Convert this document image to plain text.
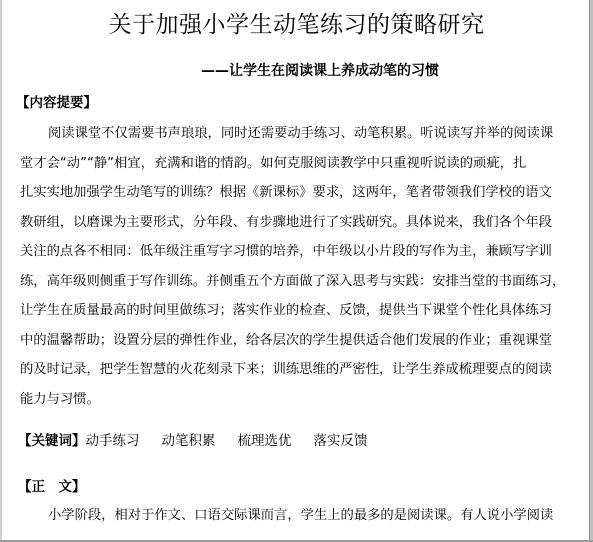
关于加强小学生动笔练习的策略研究
——让学生在阅读课上养成动笔的习惯
【内容提要】
阅读课堂不仅需要书声琅琅，同时还需要动手练习、动笔积累。听说读写并举的阅读课
堂才会“动”“静”相宜，充满和谐的情韵。如何克服阅读教学中只重视听说读的顽疵，扎
扎实实地加强学生动笔写的训练？根据《新课标》要求，这两年，笔者带领我们学校的语文
教研组，以磨课为主要形式，分年段、有步骤地进行了实践研究。具体说来，我们各个年段
关注的点各不相同：低年级注重写字习惯的培养，中年级以小片段的写作为主，兼顾写字训
练，高年级则侧重于写作训练。并侧重五个方面做了深入思考与实践：安排当堂的书面练习，
让学生在质量最高的时间里做练习；落实作业的检查、反馈，提供当下课堂个性化具体练习
中的温馨帮助；设置分层的弹性作业，给各层次的学生提供适合他们发展的作业；重视课堂
的及时记录，把学生智慧的火花刻录下来；训练思维的严密性，让学生养成梳理要点的阅读
能力与习惯。
【关键词】动手练习 动笔积累 梳理选优 落实反馈
【正　文】
小学阶段，相对于作文、口语交际课而言，学生上的最多的是阅读课。有人说小学阅读
